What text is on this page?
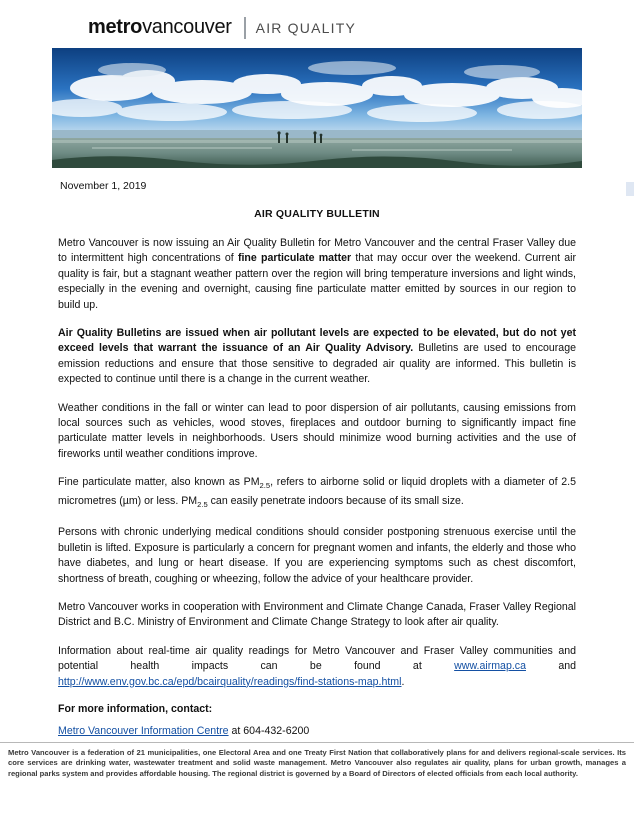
metro vancouver AIR QUALITY
November 1, 2019
AIR QUALITY BULLETIN

Metro Vancouver is now issuing an Air Quality Bulletin for Metro Vancouver and the central Fraser Valley due to intermittent high concentrations of fine particulate matter that may occur over the weekend. Current air quality is fair, but a stagnant weather pattern over the region will bring temperature inversions and light winds, especially in the evening and overnight, causing fine particulate matter emitted by sources in our region to build up.

Air Quality Bulletins are issued when air pollutant levels are expected to be elevated, but do not yet exceed levels that warrant the issuance of an Air Quality Advisory. Bulletins are used to encourage emission reductions and ensure that those sensitive to degraded air quality are informed. This bulletin is expected to continue until there is a change in the current weather.

Weather conditions in the fall or winter can lead to poor dispersion of air pollutants, causing emissions from local sources such as vehicles, wood stoves, fireplaces and outdoor burning to significantly impact fine particulate matter levels in neighborhoods. Users should minimize wood burning activities and the use of fireworks until weather conditions improve.

Fine particulate matter, also known as $PM_{2.5}$, refers to airborne solid or liquid droplets with a diameter of 2.5 micrometres (µm) or less. $PM_{2.5}$ can easily penetrate indoors because of its small size.

Persons with chronic underlying medical conditions should consider postponing strenuous exercise until the bulletin is lifted. Exposure is particularly a concern for pregnant women and infants, the elderly and those who have diabetes, and lung or heart disease. If you are experiencing symptoms such as chest discomfort, shortness of breath, coughing or wheezing, follow the advice of your healthcare provider.

Metro Vancouver works in cooperation with Environment and Climate Change Canada, Fraser Valley Regional District and B.C. Ministry of Environment and Climate Change Strategy to look after air quality.

Information about real-time air quality readings for Metro Vancouver and Fraser Valley communities and potential health impacts can be found at www.airmap.ca and http://www.env.gov.bc.ca/epd/bcairquality/readings/find-stations-map.html.

For more information, contact:

Metro Vancouver Information Centre at 604-432-6200

Metro Vancouver is a federation of 21 municipalities, one Electoral Area and one Treaty First Nation that collaboratively plans for and delivers regional-scale services. Its core services are drinking water, wastewater treatment and solid waste management. Metro Vancouver also regulates air quality, plans for urban growth, manages a regional parks system and provides affordable housing. The regional district is governed by a Board of Directors of elected officials from each local authority.
